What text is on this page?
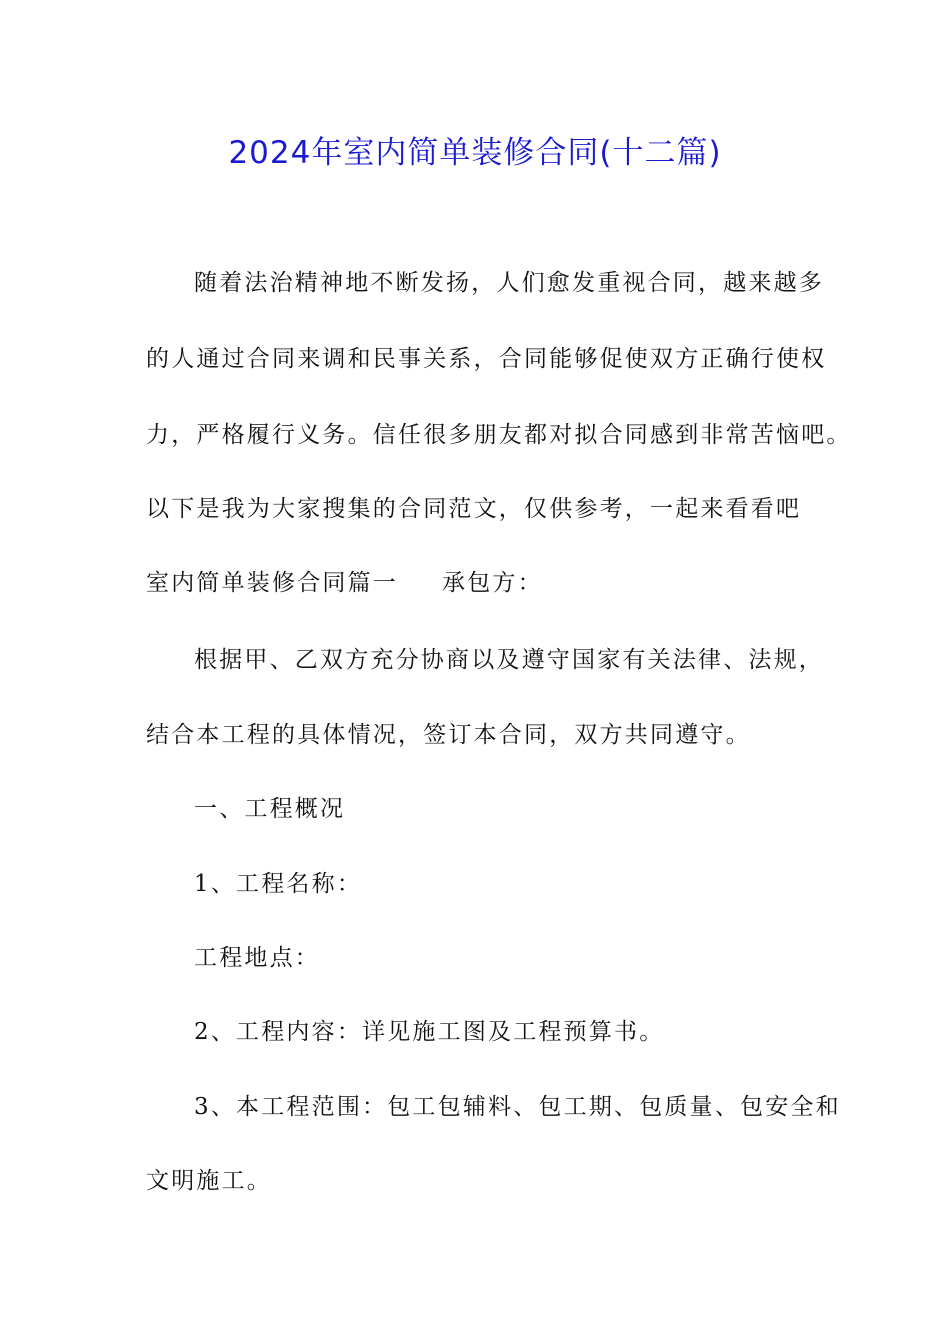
2024年室内简单装修合同(十二篇)
随着法治精神地不断发扬，人们愈发重视合同，越来越多
的人通过合同来调和民事关系，合同能够促使双方正确行使权
力，严格履行义务。信任很多朋友都对拟合同感到非常苦恼吧。
以下是我为大家搜集的合同范文，仅供参考，一起来看看吧
室内简单装修合同篇一 承包方：
根据甲、乙双方充分协商以及遵守国家有关法律、法规，
结合本工程的具体情况，签订本合同，双方共同遵守。
一、工程概况
1、工程名称：
工程地点：
2、工程内容：详见施工图及工程预算书。
3、本工程范围：包工包辅料、包工期、包质量、包安全和
文明施工。
